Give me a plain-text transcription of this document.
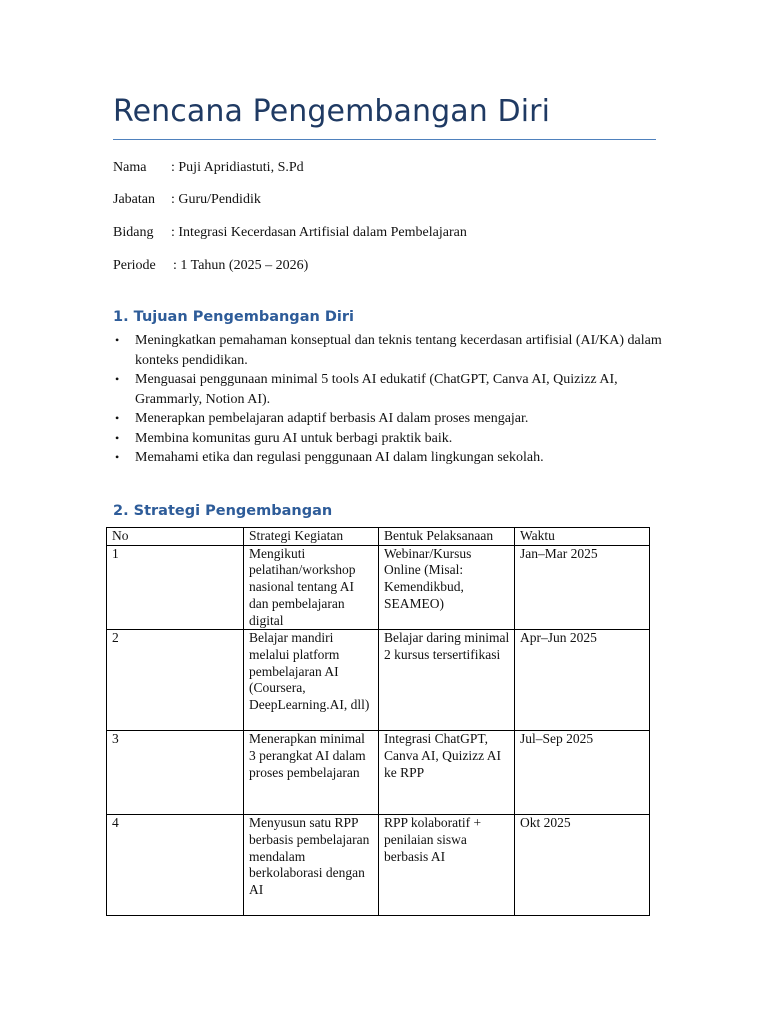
Rencana Pengembangan Diri
Nama : Puji Apridiastuti, S.Pd
Jabatan : Guru/Pendidik
Bidang : Integrasi Kecerdasan Artifisial dalam Pembelajaran
Periode : 1 Tahun (2025 – 2026)
1. Tujuan Pengembangan Diri
• Meningkatkan pemahaman konseptual dan teknis tentang kecerdasan artifisial (AI/KA) dalam konteks pendidikan.
• Menguasai penggunaan minimal 5 tools AI edukatif (ChatGPT, Canva AI, Quizizz AI, Grammarly, Notion AI).
• Menerapkan pembelajaran adaptif berbasis AI dalam proses mengajar.
• Membina komunitas guru AI untuk berbagi praktik baik.
• Memahami etika dan regulasi penggunaan AI dalam lingkungan sekolah.
2. Strategi Pengembangan
No	Strategi Kegiatan	Bentuk Pelaksanaan	Waktu
1	Mengikuti pelatihan/workshop nasional tentang AI dan pembelajaran digital	Webinar/Kursus Online (Misal: Kemendikbud, SEAMEO)	Jan–Mar 2025
2	Belajar mandiri melalui platform pembelajaran AI (Coursera, DeepLearning.AI, dll)	Belajar daring minimal 2 kursus tersertifikasi	Apr–Jun 2025
3	Menerapkan minimal 3 perangkat AI dalam proses pembelajaran	Integrasi ChatGPT, Canva AI, Quizizz AI ke RPP	Jul–Sep 2025
4	Menyusun satu RPP berbasis pembelajaran mendalam berkolaborasi dengan AI	RPP kolaboratif + penilaian siswa berbasis AI	Okt 2025
